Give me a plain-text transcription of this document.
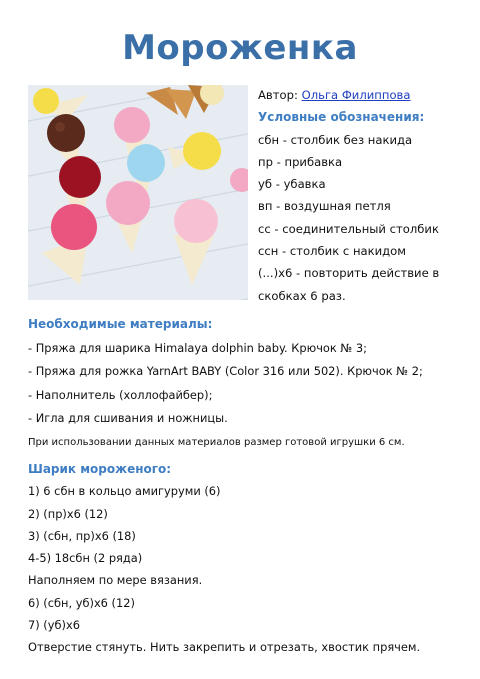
Мороженка
Автор: Ольга Филиппова
Условные обозначения:
сбн - столбик без накида
пр - прибавка
уб - убавка
вп - воздушная петля
сс - соединительный столбик
ссн - столбик с накидом
(...)х6 - повторить действие в
скобках 6 раз.
Необходимые материалы:
- Пряжа для шарика Himalaya dolphin baby. Крючок № 3;
- Пряжа для рожка YarnArt BABY (Color 316 или 502). Крючок № 2;
- Наполнитель (холлофайбер);
- Игла для сшивания и ножницы.
При использовании данных материалов размер готовой игрушки 6 см.
Шарик мороженого:
1) 6 сбн в кольцо амигуруми (6)
2) (пр)х6 (12)
3) (сбн, пр)х6 (18)
4-5) 18сбн (2 ряда)
Наполняем по мере вязания.
6) (сбн, уб)х6 (12)
7) (уб)х6
Отверстие стянуть. Нить закрепить и отрезать, хвостик прячем.
